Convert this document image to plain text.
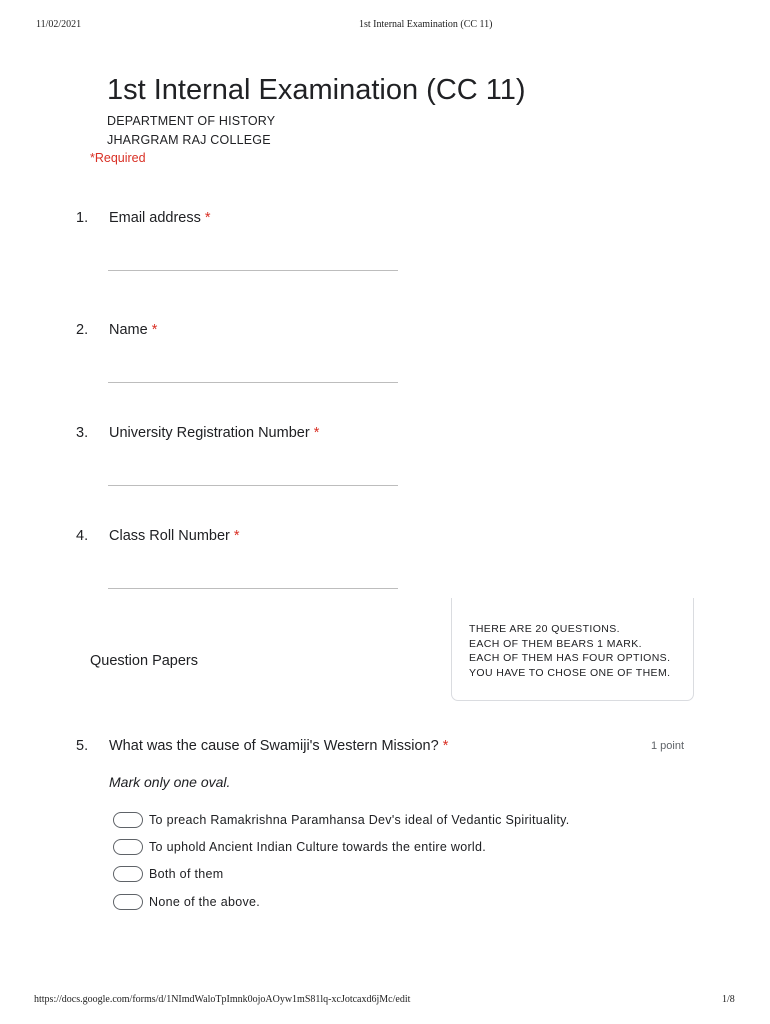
11/02/2021	1st Internal Examination (CC 11)
1st Internal Examination (CC 11)
DEPARTMENT OF HISTORY
JHARGRAM RAJ COLLEGE
*Required
1. Email address *
2. Name *
3. University Registration Number *
4. Class Roll Number *
THERE ARE 20 QUESTIONS.
EACH OF THEM BEARS 1 MARK.
EACH OF THEM HAS FOUR OPTIONS.
YOU HAVE TO CHOSE ONE OF THEM.
Question Papers
5. What was the cause of Swamiji's Western Mission? *	1 point
Mark only one oval.
To preach Ramakrishna Paramhansa Dev's ideal of Vedantic Spirituality.
To uphold Ancient Indian Culture towards the entire world.
Both of them
None of the above.
https://docs.google.com/forms/d/1NImdWaloTpImnk0ojoAOyw1mS81lq-xcJotcaxd6jMc/edit	1/8
